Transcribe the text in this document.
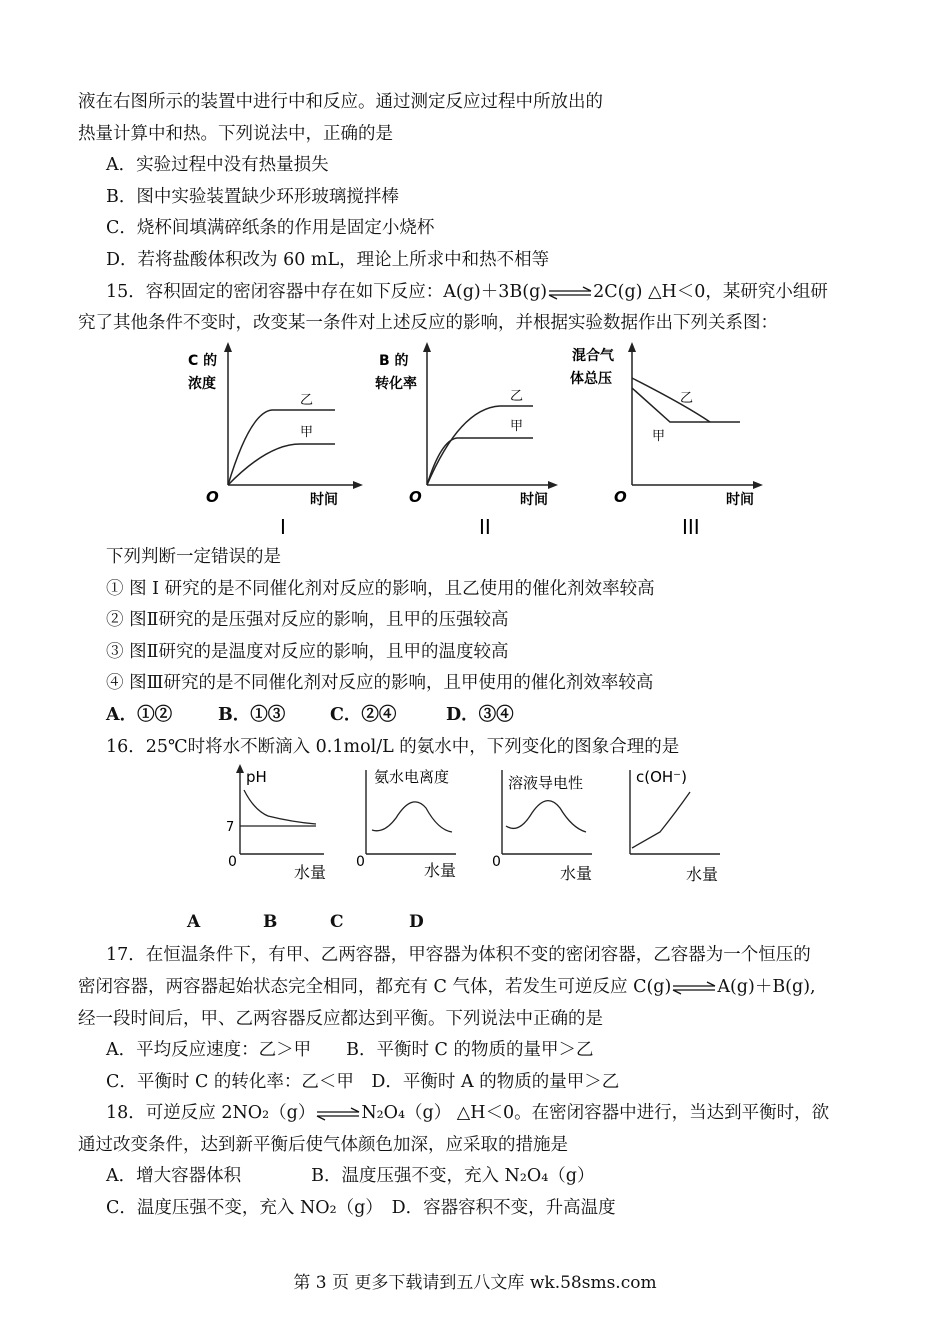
液在右图所示的装置中进行中和反应。通过测定反应过程中所放出的
热量计算中和热。下列说法中，正确的是
A．实验过程中没有热量损失
B．图中实验装置缺少环形玻璃搅拌棒
C．烧杯间填满碎纸条的作用是固定小烧杯
D．若将盐酸体积改为 60 mL，理论上所求中和热不相等
15．容积固定的密闭容器中存在如下反应：A(g)＋3B(g)⇌2C(g) △H＜0，某研究小组研
究了其他条件不变时，改变某一条件对上述反应的影响，并根据实验数据作出下列关系图：
C 的
浓度
乙
甲
O	时间
I
B 的
转化率
乙
甲
O	时间
II
混合气
体总压
乙
甲
O	时间
III
下列判断一定错误的是
① 图 I 研究的是不同催化剂对反应的影响，且乙使用的催化剂效率较高
② 图Ⅱ研究的是压强对反应的影响，且甲的压强较高
③ 图Ⅱ研究的是温度对反应的影响，且甲的温度较高
④ 图Ⅲ研究的是不同催化剂对反应的影响，且甲使用的催化剂效率较高
A．①②	B．①③	C．②④	D．③④
16．25℃时将水不断滴入 0.1mol/L 的氨水中，下列变化的图象合理的是
pH
7
0
水量
氨水电离度
0	水量
溶液导电性
0
水量
c(OH⁻)
水量
A	B	C	D
17．在恒温条件下，有甲、乙两容器，甲容器为体积不变的密闭容器，乙容器为一个恒压的
密闭容器，两容器起始状态完全相同，都充有 C 气体，若发生可逆反应 C(g)⇌A(g)＋B(g),
经一段时间后，甲、乙两容器反应都达到平衡。下列说法中正确的是
A．平均反应速度：乙＞甲　　B．平衡时 C 的物质的量甲＞乙
C．平衡时 C 的转化率：乙＜甲　D．平衡时 A 的物质的量甲＞乙
18．可逆反应 2NO₂（g）⇌N₂O₄（g） △H＜0。在密闭容器中进行，当达到平衡时，欲
通过改变条件，达到新平衡后使气体颜色加深，应采取的措施是
A．增大容器体积　　　　B．温度压强不变，充入 N₂O₄（g）
C．温度压强不变，充入 NO₂（g）　D．容器容积不变，升高温度
第 3 页 更多下载请到五八文库 wk.58sms.com
